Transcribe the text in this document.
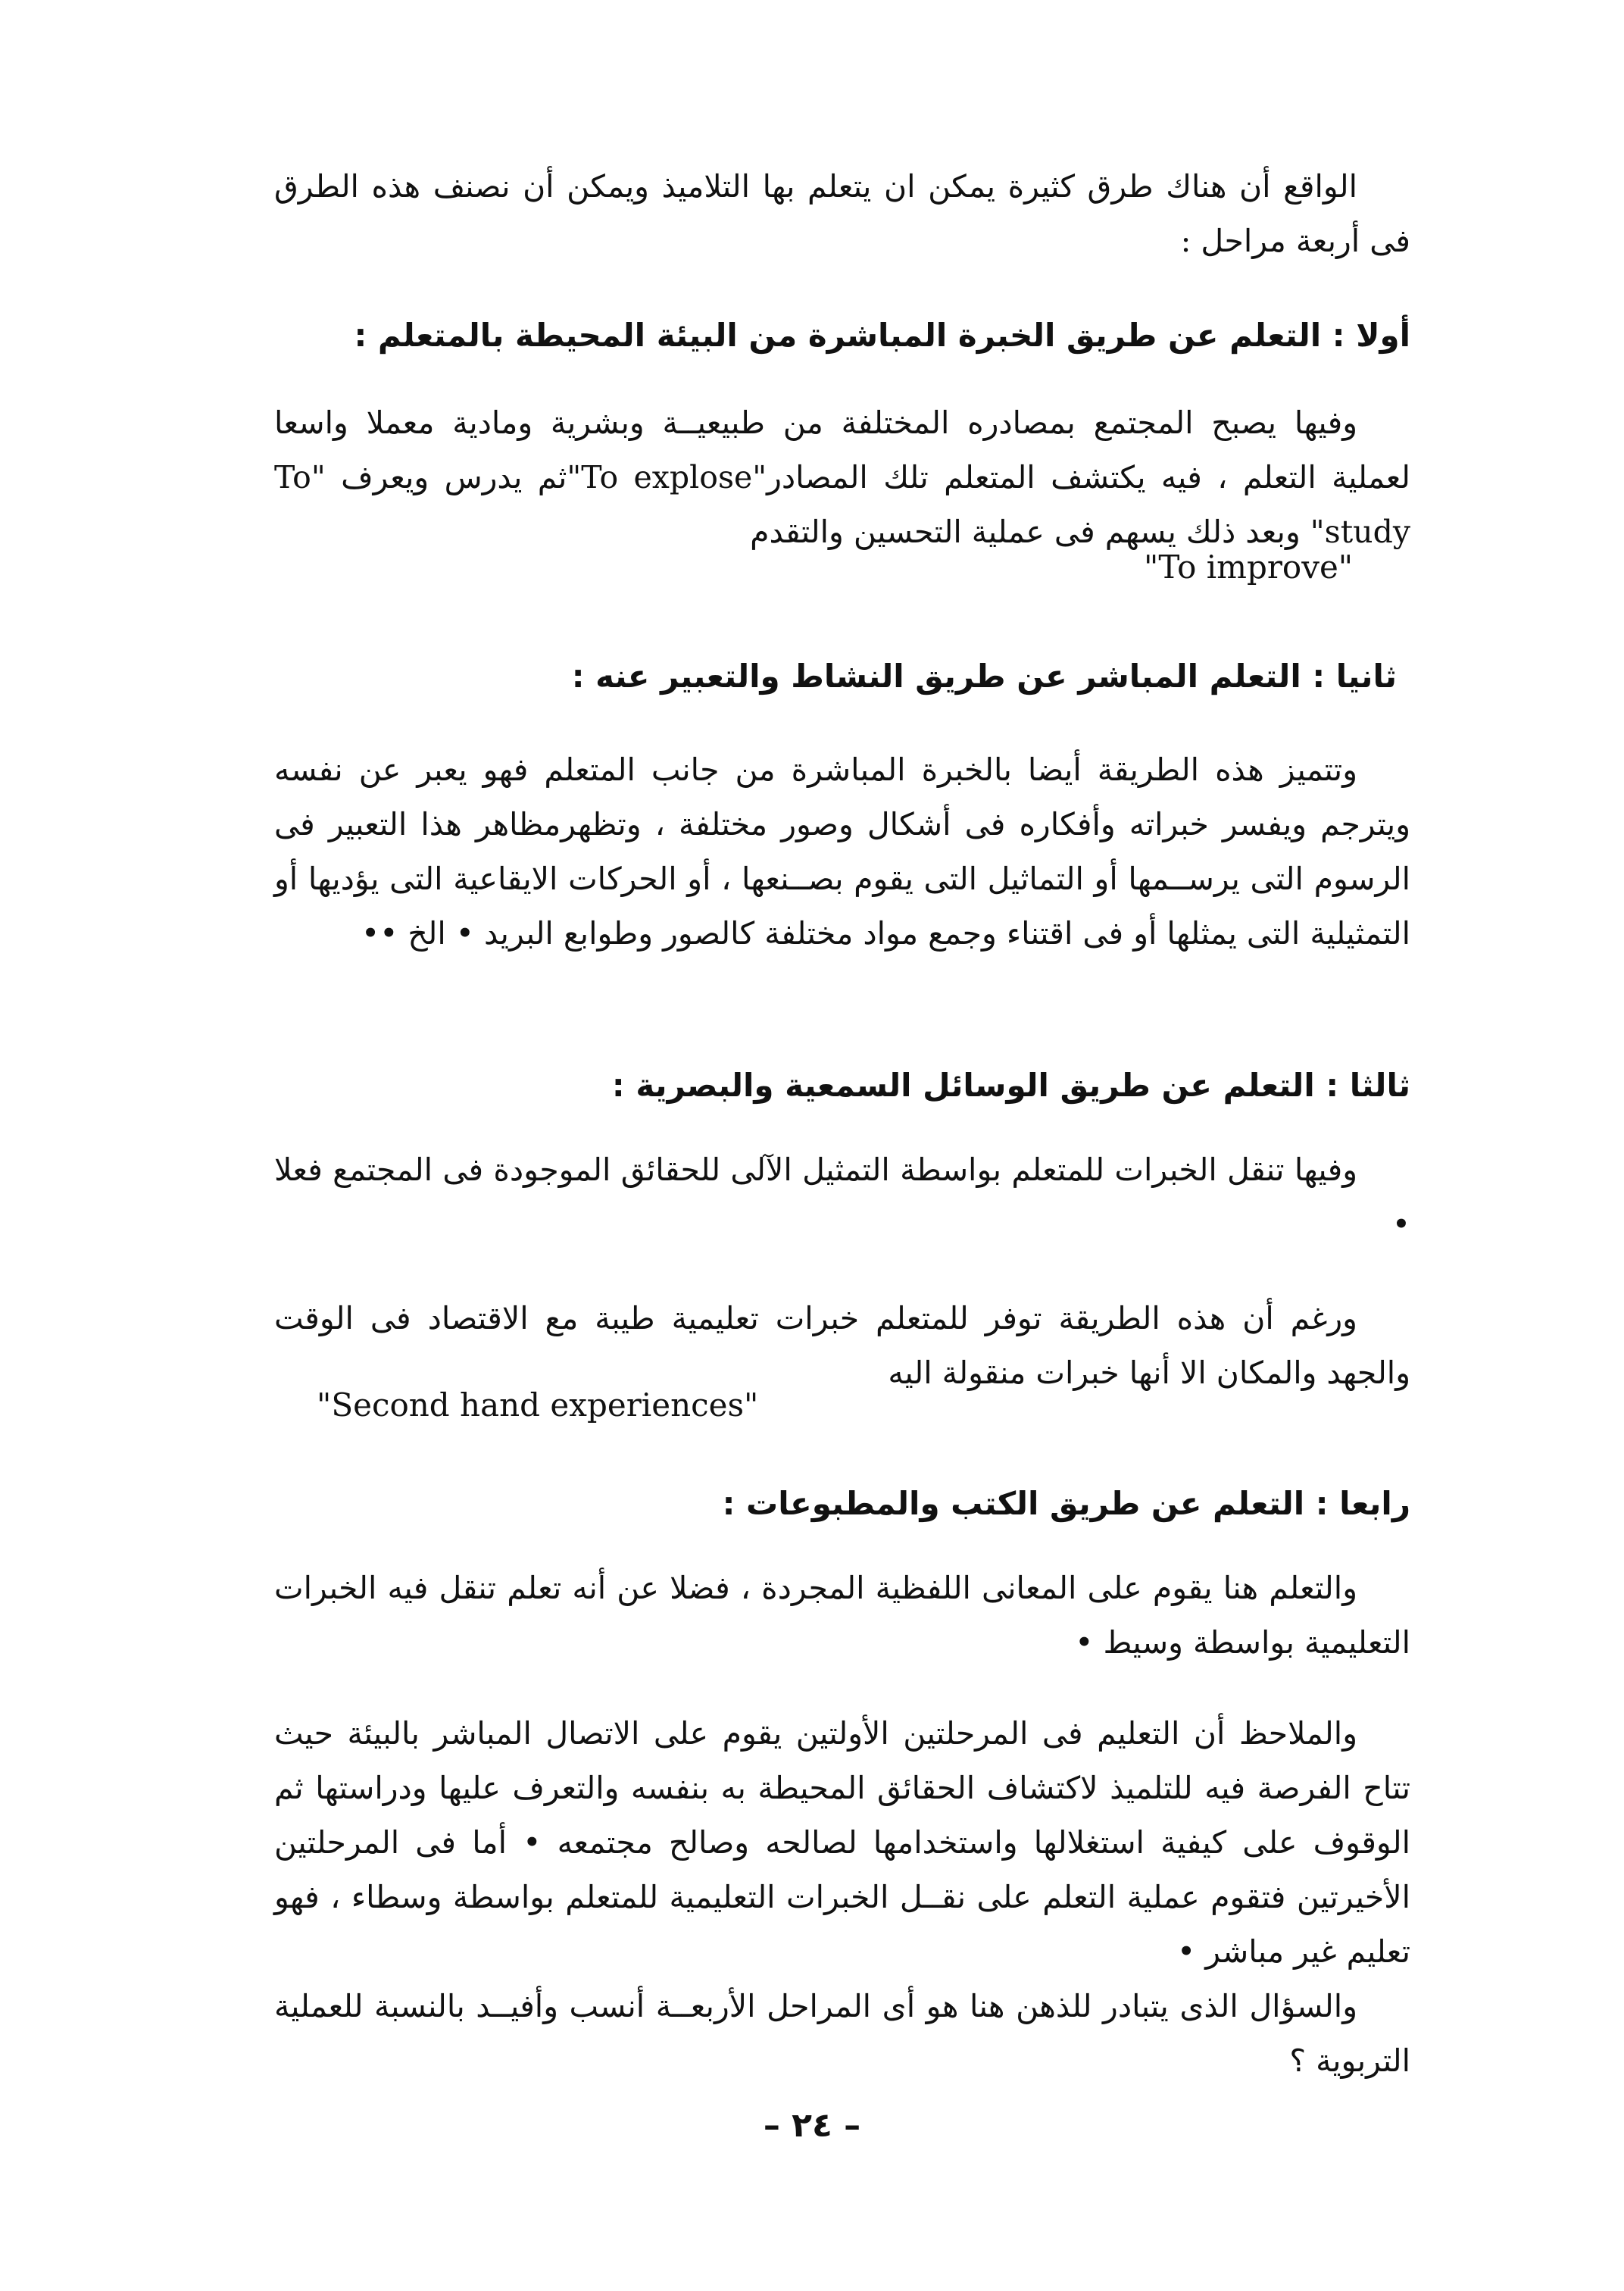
الواقع أن هناك طرق كثيرة يمكن ان يتعلم بها التلاميذ ويمكن أن نصنف هذه الطرق فى أربعة مراحل :

أولا : التعلم عن طريق الخبرة المباشرة من البيئة المحيطة بالمتعلم :

وفيها يصبح المجتمع بمصادره المختلفة من طبيعيــة وبشرية ومادية معملا واسعا لعملية التعلم ، فيه يكتشف المتعلم تلك المصادر"To explose"ثم يدرس ويعرف "To study" وبعد ذلك يسهم فى عملية التحسين والتقدم

"To improve"
ثانيا : التعلم المباشر عن طريق النشاط والتعبير عنه :

وتتميز هذه الطريقة أيضا بالخبرة المباشرة من جانب المتعلم فهو يعبر عن نفسه ويترجم ويفسر خبراته وأفكاره فى أشكال وصور مختلفة ، وتظهرمظاهر هذا التعبير فى الرسوم التى يرســمها أو التماثيل التى يقوم بصــنعها ، أو الحركات الايقاعية التى يؤديها أو التمثيلية التى يمثلها أو فى اقتناء وجمع مواد مختلفة كالصور وطوابع البريد • الخ ••

ثالثا : التعلم عن طريق الوسائل السمعية والبصرية :

وفيها تنقل الخبرات للمتعلم بواسطة التمثيل الآلى للحقائق الموجودة فى المجتمع فعلا •

ورغم أن هذه الطريقة توفر للمتعلم خبرات تعليمية طيبة مع الاقتصاد فى الوقت والجهد والمكان الا أنها خبرات منقولة اليه

"Second hand experiences"
رابعا : التعلم عن طريق الكتب والمطبوعات :

والتعلم هنا يقوم على المعانى اللفظية المجردة ، فضلا عن أنه تعلم تنقل فيه الخبرات التعليمية بواسطة وسيط •

والملاحظ أن التعليم فى المرحلتين الأولتين يقوم على الاتصال المباشر بالبيئة حيث تتاح الفرصة فيه للتلميذ لاكتشاف الحقائق المحيطة به بنفسه والتعرف عليها ودراستها ثم الوقوف على كيفية استغلالها واستخدامها لصالحه وصالح مجتمعه • أما فى المرحلتين الأخيرتين فتقوم عملية التعلم على نقــل الخبرات التعليمية للمتعلم بواسطة وسطاء ، فهو تعليم غير مباشر •

والسؤال الذى يتبادر للذهن هنا هو أى المراحل الأربعــة أنسب وأفيــد بالنسبة للعملية التربوية ؟

– ٢٤ –
